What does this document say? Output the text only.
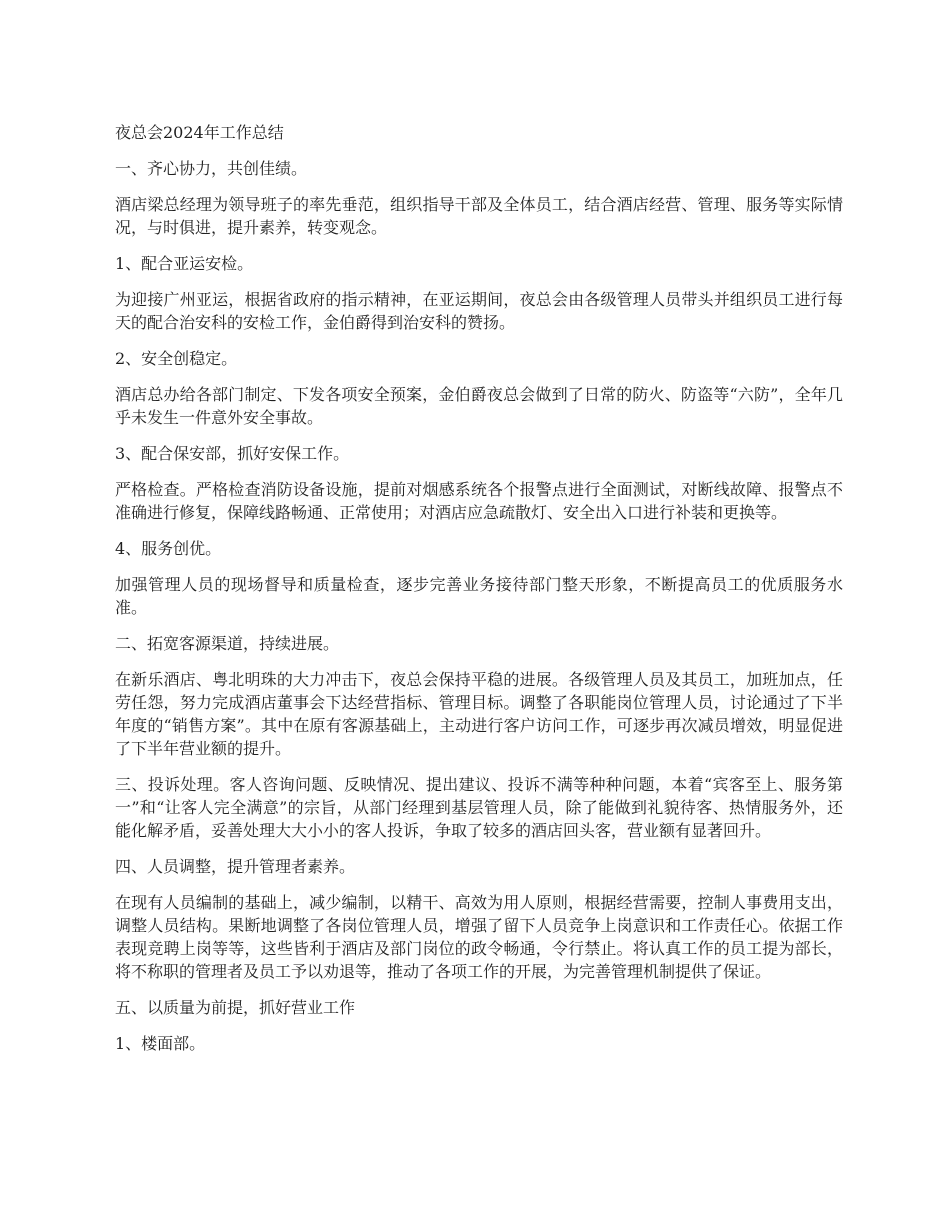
夜总会2024年工作总结

一、齐心协力，共创佳绩。

酒店梁总经理为领导班子的率先垂范，组织指导干部及全体员工，结合酒店经营、管理、服务等实际情况，与时俱进，提升素养，转变观念。

1、配合亚运安检。

为迎接广州亚运，根据省政府的指示精神，在亚运期间，夜总会由各级管理人员带头并组织员工进行每天的配合治安科的安检工作，金伯爵得到治安科的赞扬。

2、安全创稳定。

酒店总办给各部门制定、下发各项安全预案，金伯爵夜总会做到了日常的防火、防盗等“六防”，全年几乎未发生一件意外安全事故。

3、配合保安部，抓好安保工作。

严格检查。严格检查消防设备设施，提前对烟感系统各个报警点进行全面测试，对断线故障、报警点不准确进行修复，保障线路畅通、正常使用；对酒店应急疏散灯、安全出入口进行补装和更换等。

4、服务创优。

加强管理人员的现场督导和质量检查，逐步完善业务接待部门整天形象，不断提高员工的优质服务水准。

二、拓宽客源渠道，持续进展。

在新乐酒店、粤北明珠的大力冲击下，夜总会保持平稳的进展。各级管理人员及其员工，加班加点，任劳任怨，努力完成酒店董事会下达经营指标、管理目标。调整了各职能岗位管理人员，讨论通过了下半年度的“销售方案”。其中在原有客源基础上，主动进行客户访问工作，可逐步再次减员增效，明显促进了下半年营业额的提升。

三、投诉处理。客人咨询问题、反映情况、提出建议、投诉不满等种种问题，本着“宾客至上、服务第一”和“让客人完全满意”的宗旨，从部门经理到基层管理人员，除了能做到礼貌待客、热情服务外，还能化解矛盾，妥善处理大大小小的客人投诉，争取了较多的酒店回头客，营业额有显著回升。

四、人员调整，提升管理者素养。

在现有人员编制的基础上，减少编制，以精干、高效为用人原则，根据经营需要，控制人事费用支出，调整人员结构。果断地调整了各岗位管理人员，增强了留下人员竞争上岗意识和工作责任心。依据工作表现竞聘上岗等等，这些皆利于酒店及部门岗位的政令畅通，令行禁止。将认真工作的员工提为部长，将不称职的管理者及员工予以劝退等，推动了各项工作的开展，为完善管理机制提供了保证。

五、以质量为前提，抓好营业工作

1、楼面部。
